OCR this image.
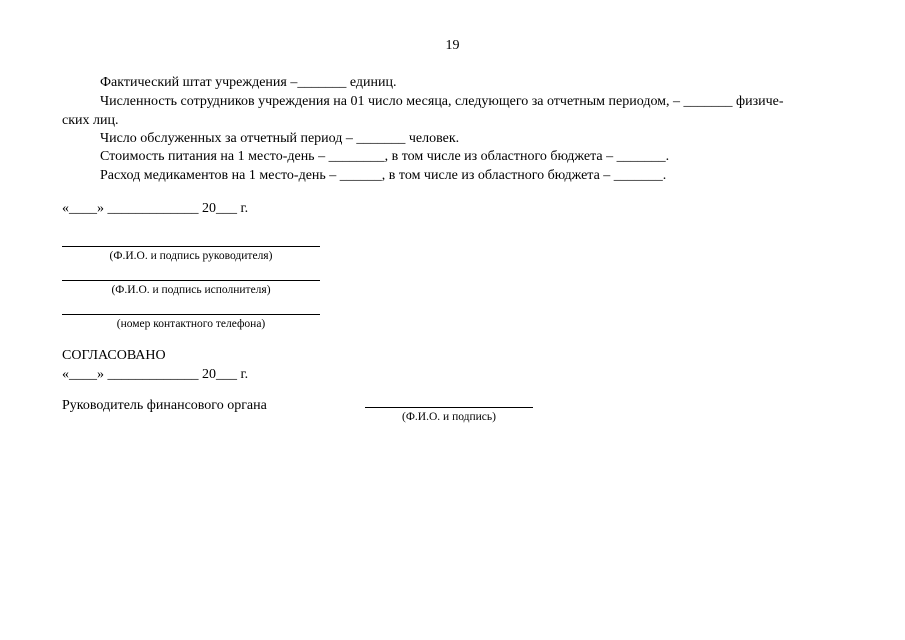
19
Фактический штат учреждения –_______ единиц.
Численность сотрудников учреждения на 01 число месяца, следующего за отчетным периодом, – _______ физиче-
ских лиц.
Число обслуженных за отчетный период – _______ человек.
Стоимость питания на 1 место-день – ________, в том числе из областного бюджета – _______.
Расход медикаментов на 1 место-день – ______, в том числе из областного бюджета – _______.
«____» _____________ 20___ г.
(Ф.И.О. и подпись руководителя)
(Ф.И.О. и подпись исполнителя)
(номер контактного телефона)
СОГЛАСОВАНО
«____» _____________ 20___ г.
Руководитель финансового органа
(Ф.И.О. и подпись)
